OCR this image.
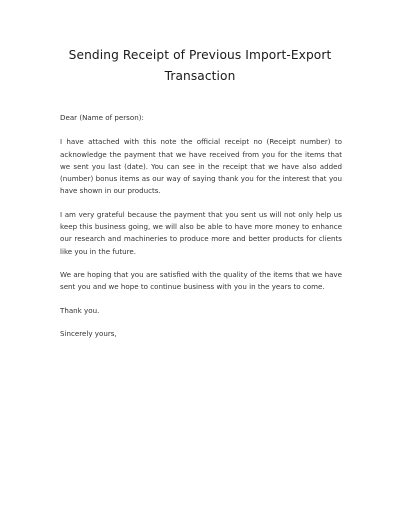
Sending Receipt of Previous Import-Export Transaction

Dear (Name of person):

I have attached with this note the official receipt no (Receipt number) to acknowledge the payment that we have received from you for the items that we sent you last (date). You can see in the receipt that we have also added (number) bonus items as our way of saying thank you for the interest that you have shown in our products.

I am very grateful because the payment that you sent us will not only help us keep this business going, we will also be able to have more money to enhance our research and machineries to produce more and better products for clients like you in the future.

We are hoping that you are satisfied with the quality of the items that we have sent you and we hope to continue business with you in the years to come.

Thank you.

Sincerely yours,
